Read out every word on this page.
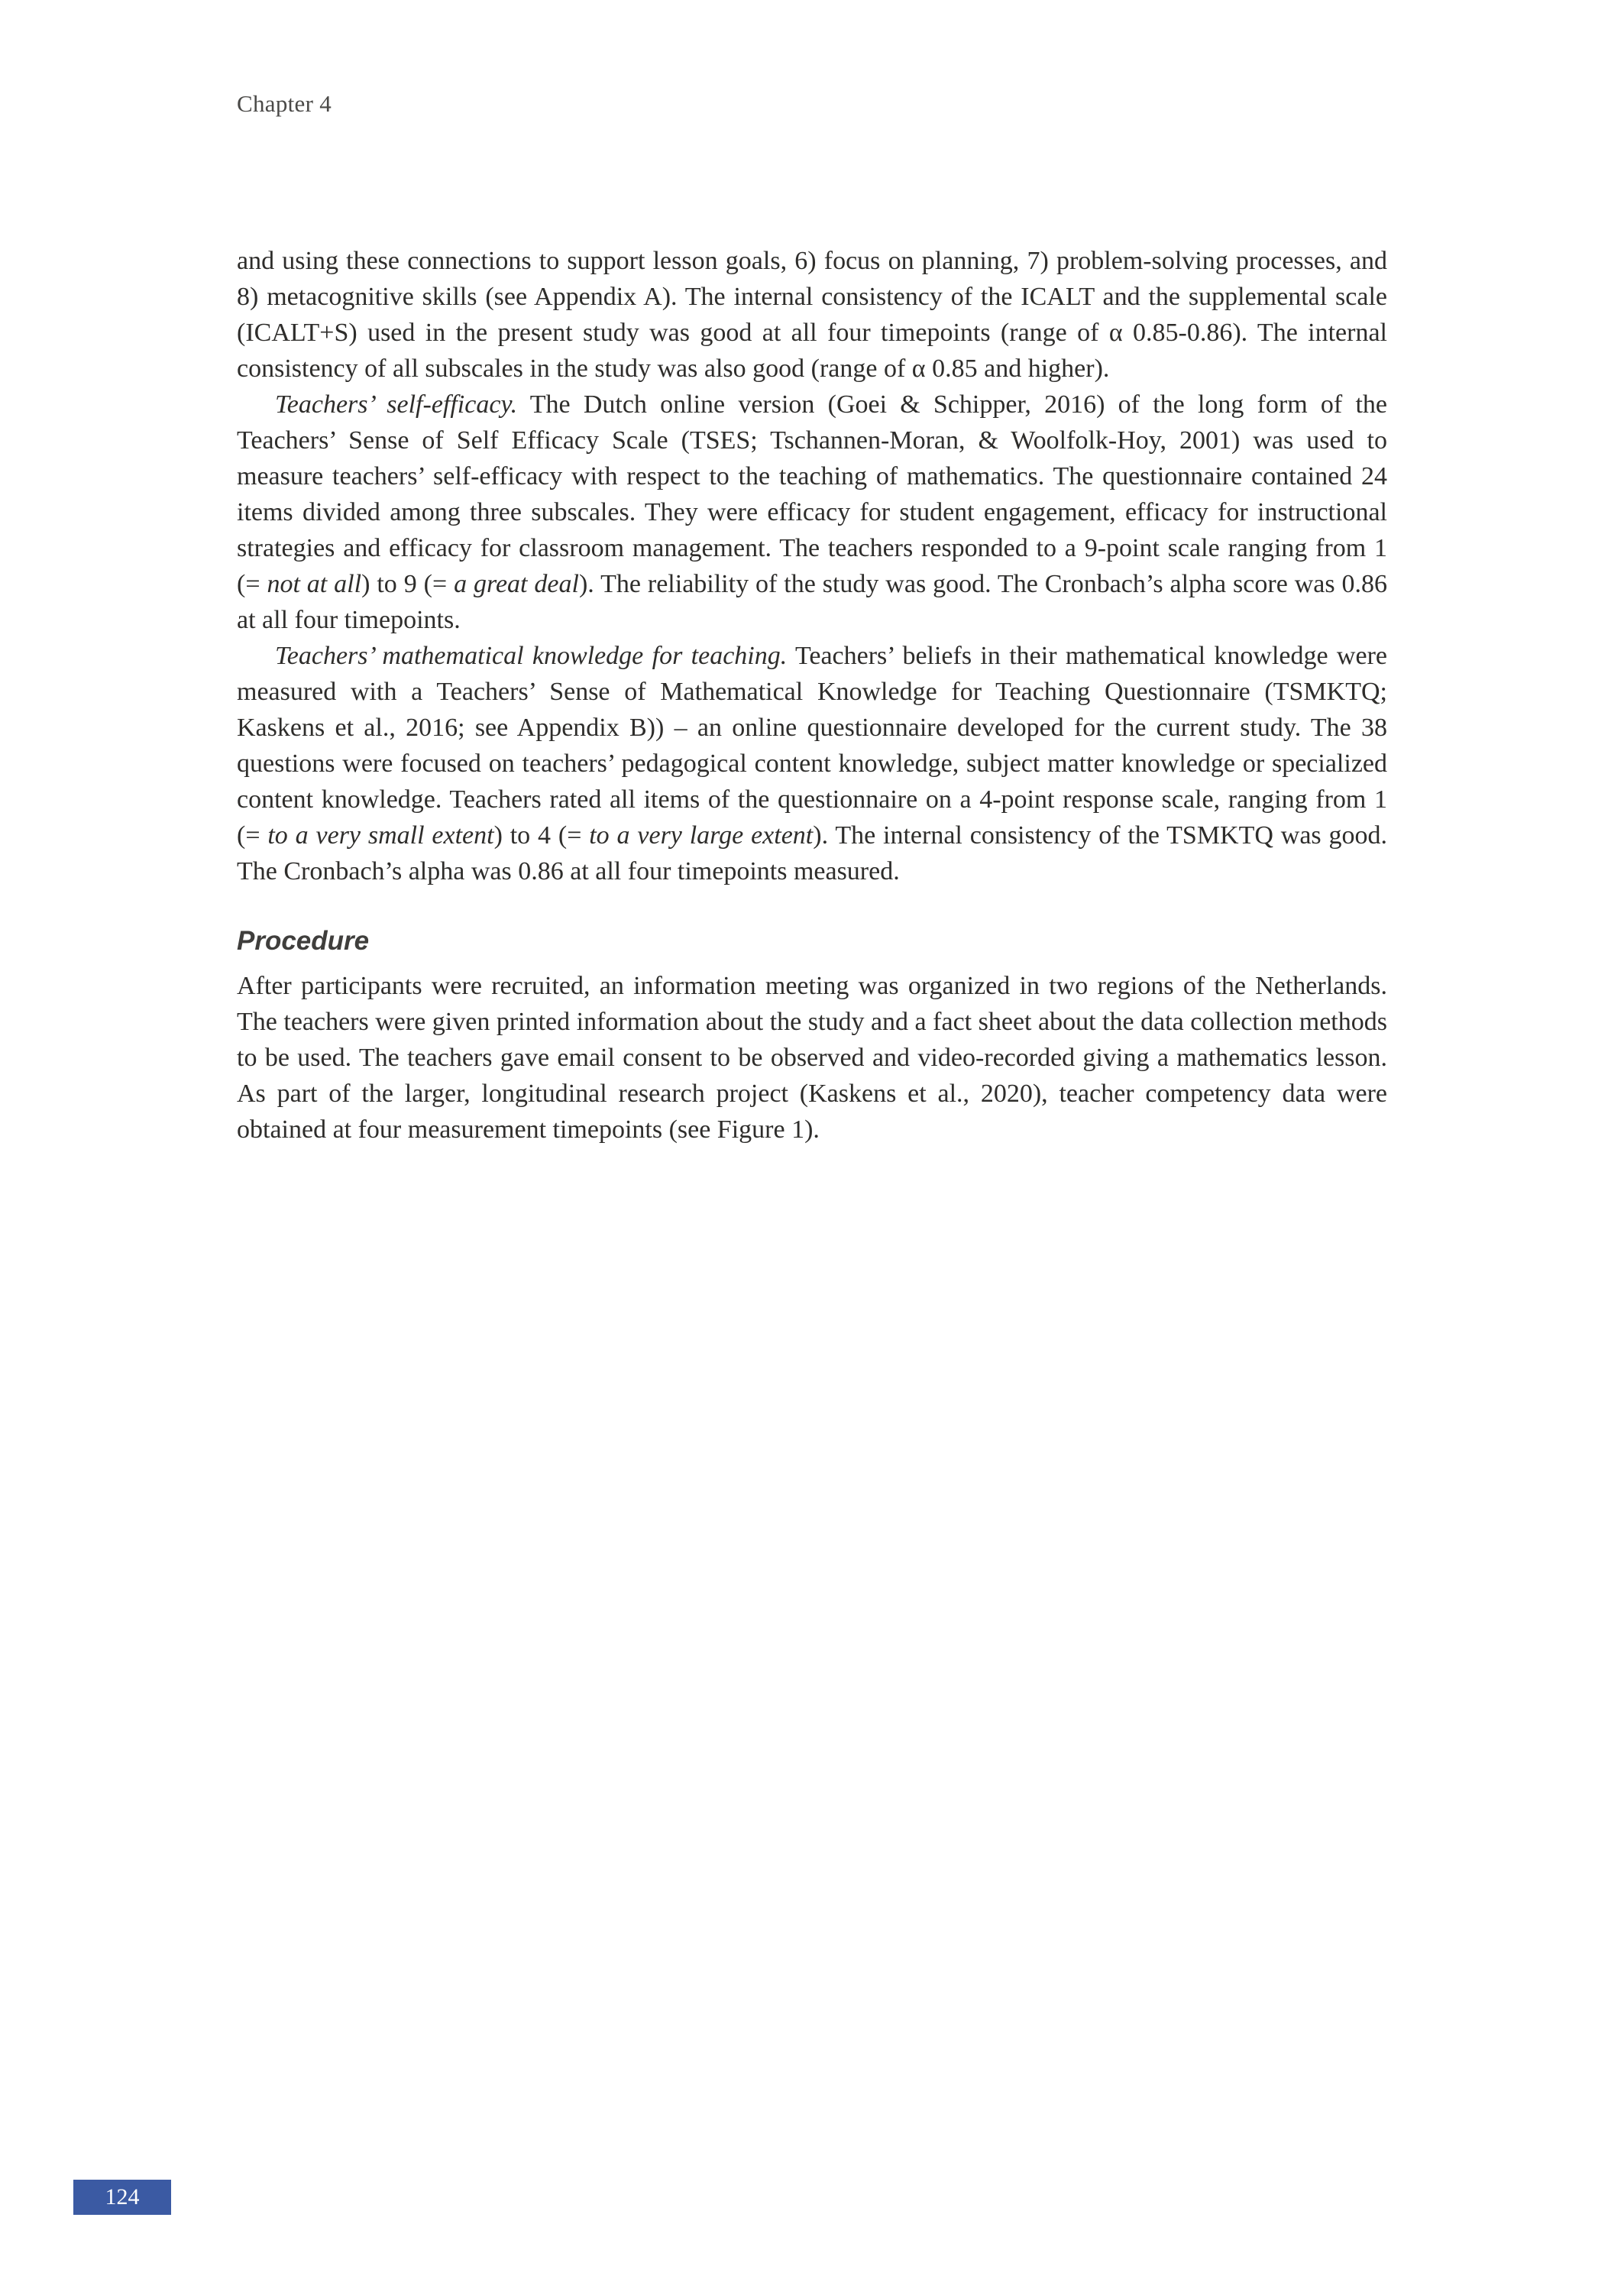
Chapter 4

and using these connections to support lesson goals, 6) focus on planning, 7) problem-solving processes, and 8) metacognitive skills (see Appendix A). The internal consistency of the ICALT and the supplemental scale (ICALT+S) used in the present study was good at all four timepoints (range of α 0.85-0.86). The internal consistency of all subscales in the study was also good (range of α 0.85 and higher).

Teachers’ self-efficacy. The Dutch online version (Goei & Schipper, 2016) of the long form of the Teachers’ Sense of Self Efficacy Scale (TSES; Tschannen-Moran, & Woolfolk-Hoy, 2001) was used to measure teachers’ self-efficacy with respect to the teaching of mathematics. The questionnaire contained 24 items divided among three subscales. They were efficacy for student engagement, efficacy for instructional strategies and efficacy for classroom management. The teachers responded to a 9-point scale ranging from 1 (= not at all) to 9 (= a great deal). The reliability of the study was good. The Cronbach’s alpha score was 0.86 at all four timepoints.

Teachers’ mathematical knowledge for teaching. Teachers’ beliefs in their mathematical knowledge were measured with a Teachers’ Sense of Mathematical Knowledge for Teaching Questionnaire (TSMKTQ; Kaskens et al., 2016; see Appendix B)) – an online questionnaire developed for the current study. The 38 questions were focused on teachers’ pedagogical content knowledge, subject matter knowledge or specialized content knowledge. Teachers rated all items of the questionnaire on a 4-point response scale, ranging from 1 (= to a very small extent) to 4 (= to a very large extent). The internal consistency of the TSMKTQ was good. The Cronbach’s alpha was 0.86 at all four timepoints measured.

Procedure

After participants were recruited, an information meeting was organized in two regions of the Netherlands. The teachers were given printed information about the study and a fact sheet about the data collection methods to be used. The teachers gave email consent to be observed and video-recorded giving a mathematics lesson. As part of the larger, longitudinal research project (Kaskens et al., 2020), teacher competency data were obtained at four measurement timepoints (see Figure 1).

124
